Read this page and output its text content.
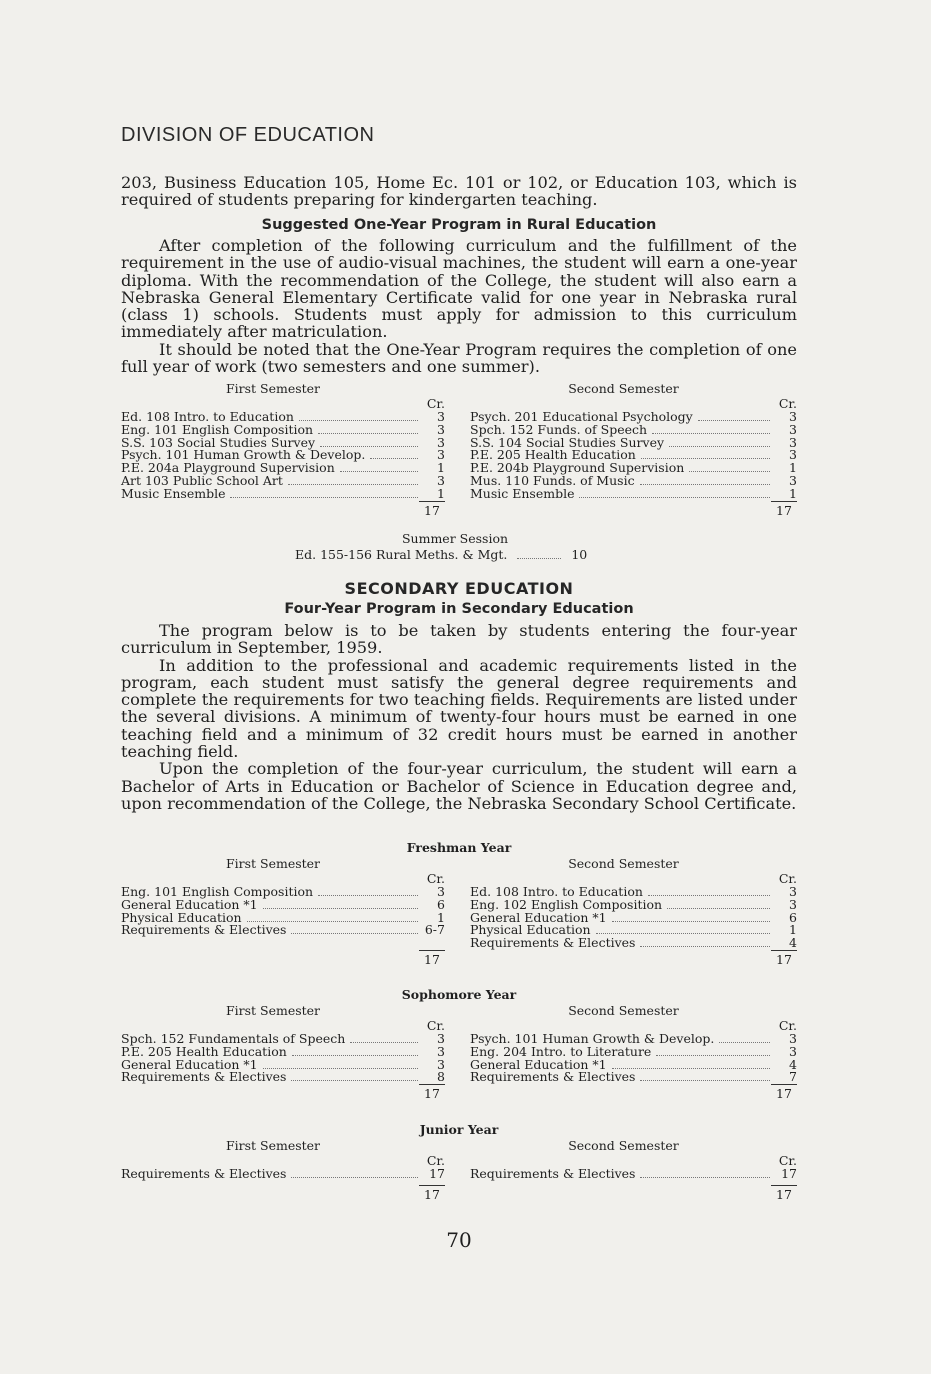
DIVISION OF EDUCATION

203, Business Education 105, Home Ec. 101 or 102, or Education 103, which is required of students preparing for kindergarten teaching.

Suggested One-Year Program in Rural Education

After completion of the following curriculum and the fulfillment of the requirement in the use of audio-visual machines, the student will earn a one-year diploma. With the recommendation of the College, the student will also earn a Nebraska General Elementary Certificate valid for one year in Nebraska rural (class 1) schools. Students must apply for admission to this curriculum immediately after matriculation.

It should be noted that the One-Year Program requires the completion of one full year of work (two semesters and one summer).

First Semester

Cr.

Ed. 108 Intro. to Education	3
Eng. 101 English Composition	3
S.S. 103 Social Studies Survey	3
Psych. 101 Human Growth & Develop.	3
P.E. 204a Playground Supervision	1
Art 103 Public School Art	3
Music Ensemble	1
17

Second Semester

Cr.

Psych. 201 Educational Psychology	3
Spch. 152 Funds. of Speech	3
S.S. 104 Social Studies Survey	3
P.E. 205 Health Education	3
P.E. 204b Playground Supervision	1
Mus. 110 Funds. of Music	3
Music Ensemble	1
17
Summer Session
Ed. 155-156 Rural Meths. & Mgt.	10

SECONDARY EDUCATION

Four-Year Program in Secondary Education

The program below is to be taken by students entering the four-year curriculum in September, 1959.

In addition to the professional and academic requirements listed in the program, each student must satisfy the general degree requirements and complete the requirements for two teaching fields. Requirements are listed under the several divisions. A minimum of twenty-four hours must be earned in one teaching field and a minimum of 32 credit hours must be earned in another teaching field.

Upon the completion of the four-year curriculum, the student will earn a Bachelor of Arts in Education or Bachelor of Science in Education degree and, upon recommendation of the College, the Nebraska Secondary School Certificate.

Freshman Year

First Semester

Cr.

Eng. 101 English Composition	3
General Education *1	6
Physical Education	1
Requirements & Electives	6-7
17

Second Semester

Cr.

Ed. 108 Intro. to Education	3
Eng. 102 English Composition	3
General Education *1	6
Physical Education	1
Requirements & Electives	4
17

Sophomore Year

First Semester

Cr.

Spch. 152 Fundamentals of Speech	3
P.E. 205 Health Education	3
General Education *1	3
Requirements & Electives	8
17

Second Semester

Cr.

Psych. 101 Human Growth & Develop.	3
Eng. 204 Intro. to Literature	3
General Education *1	4
Requirements & Electives	7
17

Junior Year

First Semester

Cr.

Requirements & Electives	17
17

Second Semester

Cr.

Requirements & Electives	17
17
70
